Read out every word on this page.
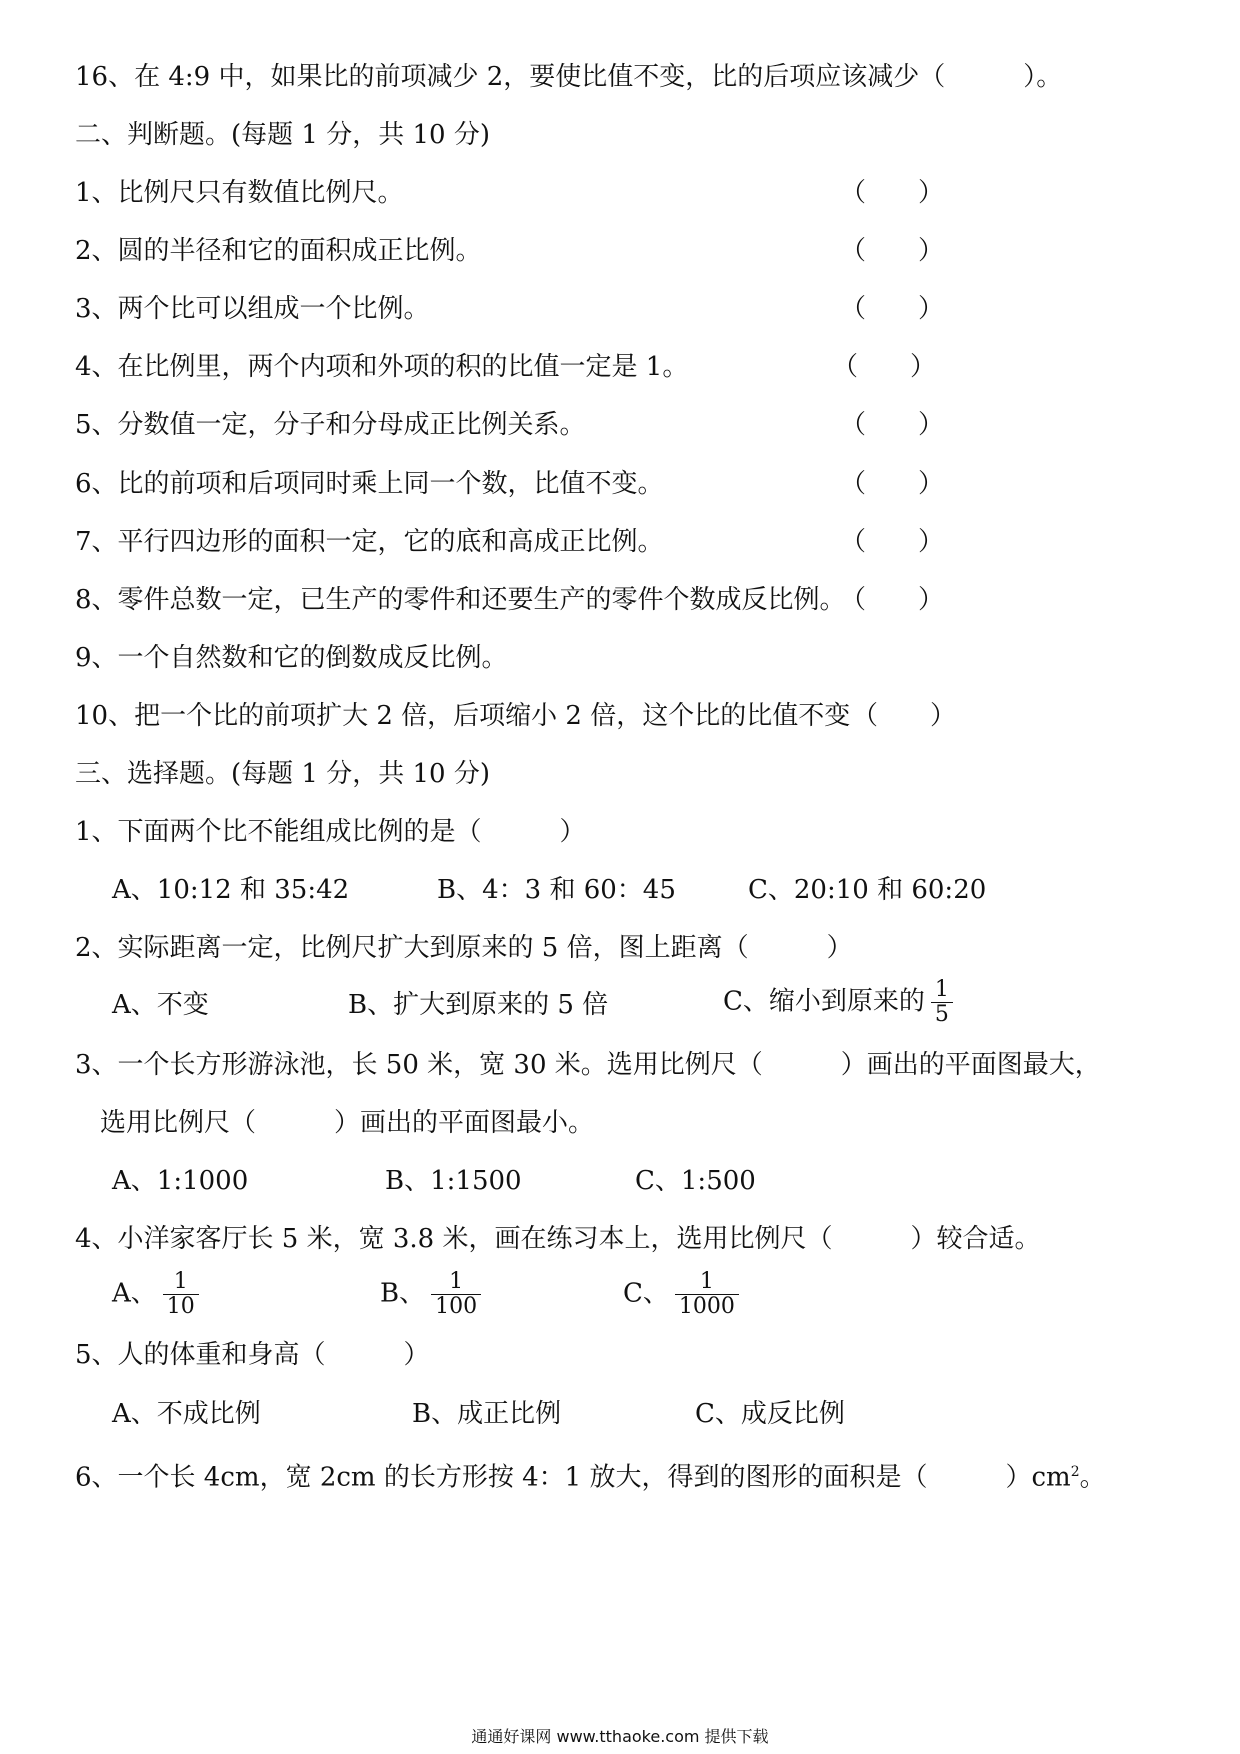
16、在 4:9 中，如果比的前项减少 2，要使比值不变，比的后项应该减少（　　　）。
二、判断题。(每题 1 分，共 10 分)
1、比例尺只有数值比例尺。	（　　）
2、圆的半径和它的面积成正比例。	（　　）
3、两个比可以组成一个比例。	（　　）
4、在比例里，两个内项和外项的积的比值一定是 1。	（　　）
5、分数值一定，分子和分母成正比例关系。	（　　）
6、比的前项和后项同时乘上同一个数，比值不变。	（　　）
7、平行四边形的面积一定，它的底和高成正比例。	（　　）
8、零件总数一定，已生产的零件和还要生产的零件个数成反比例。
（　　）
9、一个自然数和它的倒数成反比例。
10、把一个比的前项扩大 2 倍，后项缩小 2 倍，这个比的比值不变 （　　）
三、选择题。(每题 1 分，共 10 分)
1、下面两个比不能组成比例的是（　　　）
A、10:12 和 35:42	B、4：3 和 60：45	C、20:10 和 60:20
2、实际距离一定，比例尺扩大到原来的 5 倍，图上距离（　　　）
A、不变	B、扩大到原来的 5 倍	C、缩小到原来的 $\frac{1}{5}$
3、一个长方形游泳池，长 50 米，宽 30 米。选用比例尺（　　　）画出的平面图最大，
选用比例尺（　　　）画出的平面图最小。
A、1:1000	B、1:1500	C、1:500
4、小洋家客厅长 5 米，宽 3.8 米，画在练习本上，选用比例尺（　　　）较合适。
A、 $\frac{1}{10}$	B、 $\frac{1}{100}$	C、 $\frac{1}{1000}$
5、人的体重和身高（　　　）
A、不成比例	B、成正比例	C、成反比例
6、一个长 4cm，宽 2cm 的长方形按 4：1 放大，得到的图形的面积是（　　　）$cm^2$。
通通好课网 www.tthaoke.com 提供下载
